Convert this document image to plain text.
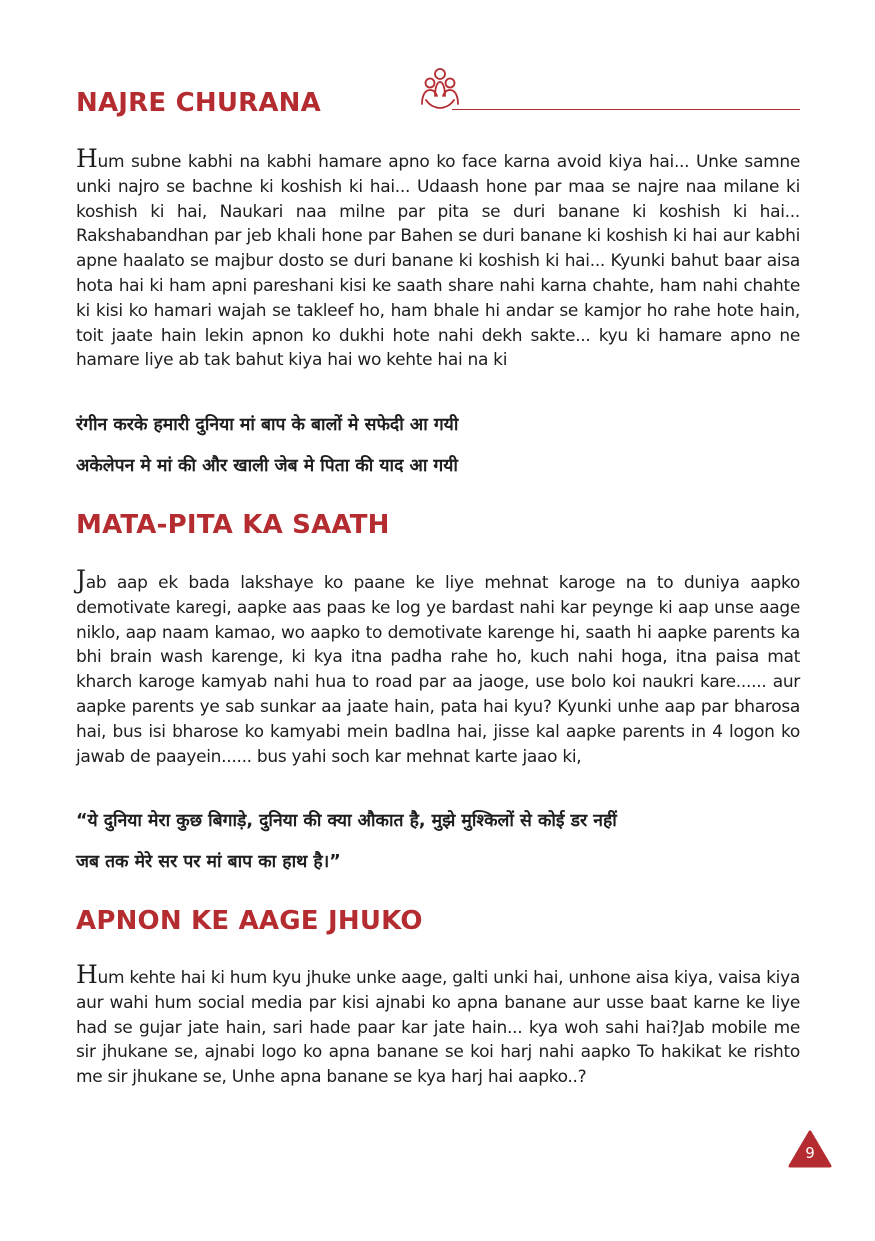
NAJRE CHURANA

Hum subne kabhi na kabhi hamare apno ko face karna avoid kiya hai... Unke samne unki najro se bachne ki koshish ki hai... Udaash hone par maa se najre naa milane ki koshish ki hai, Naukari naa milne par pita se duri banane ki koshish ki hai... Rakshabandhan par jeb khali hone par Bahen se duri banane ki koshish ki hai aur kabhi apne haalato se majbur dosto se duri banane ki koshish ki hai... Kyunki bahut baar aisa hota hai ki ham apni pareshani kisi ke saath share nahi karna chahte, ham nahi chahte ki kisi ko hamari wajah se takleef ho, ham bhale hi andar se kamjor ho rahe hote hain, toit jaate hain lekin apnon ko dukhi hote nahi dekh sakte... kyu ki hamare apno ne hamare liye ab tak bahut kiya hai wo kehte hai na ki

रंगीन करके हमारी दुनिया मां बाप के बालों मे सफेदी आ गयी

अकेलेपन मे मां की और खाली जेब मे पिता की याद आ गयी

MATA-PITA KA SAATH

Jab aap ek bada lakshaye ko paane ke liye mehnat karoge na to duniya aapko demotivate karegi, aapke aas paas ke log ye bardast nahi kar peynge ki aap unse aage niklo, aap naam kamao, wo aapko to demotivate karenge hi, saath hi aapke parents ka bhi brain wash karenge, ki kya itna padha rahe ho, kuch nahi hoga, itna paisa mat kharch karoge kamyab nahi hua to road par aa jaoge, use bolo koi naukri kare...... aur aapke parents ye sab sunkar aa jaate hain, pata hai kyu? Kyunki unhe aap par bharosa hai, bus isi bharose ko kamyabi mein badlna hai, jisse kal aapke parents in 4 logon ko jawab de paayein...... bus yahi soch kar mehnat karte jaao ki,

“ये दुनिया मेरा कुछ बिगाड़े, दुनिया की क्या औकात है, मुझे मुश्किलों से कोई डर नहीं

जब तक मेरे सर पर मां बाप का हाथ है।”

APNON KE AAGE JHUKO

Hum kehte hai ki hum kyu jhuke unke aage, galti unki hai, unhone aisa kiya, vaisa kiya aur wahi hum social media par kisi ajnabi ko apna banane aur usse baat karne ke liye had se gujar jate hain, sari hade paar kar jate hain... kya woh sahi hai?Jab mobile me sir jhukane se, ajnabi logo ko apna banane se koi harj nahi aapko To hakikat ke rishto me sir jhukane se, Unhe apna banane se kya harj hai aapko..?

9
